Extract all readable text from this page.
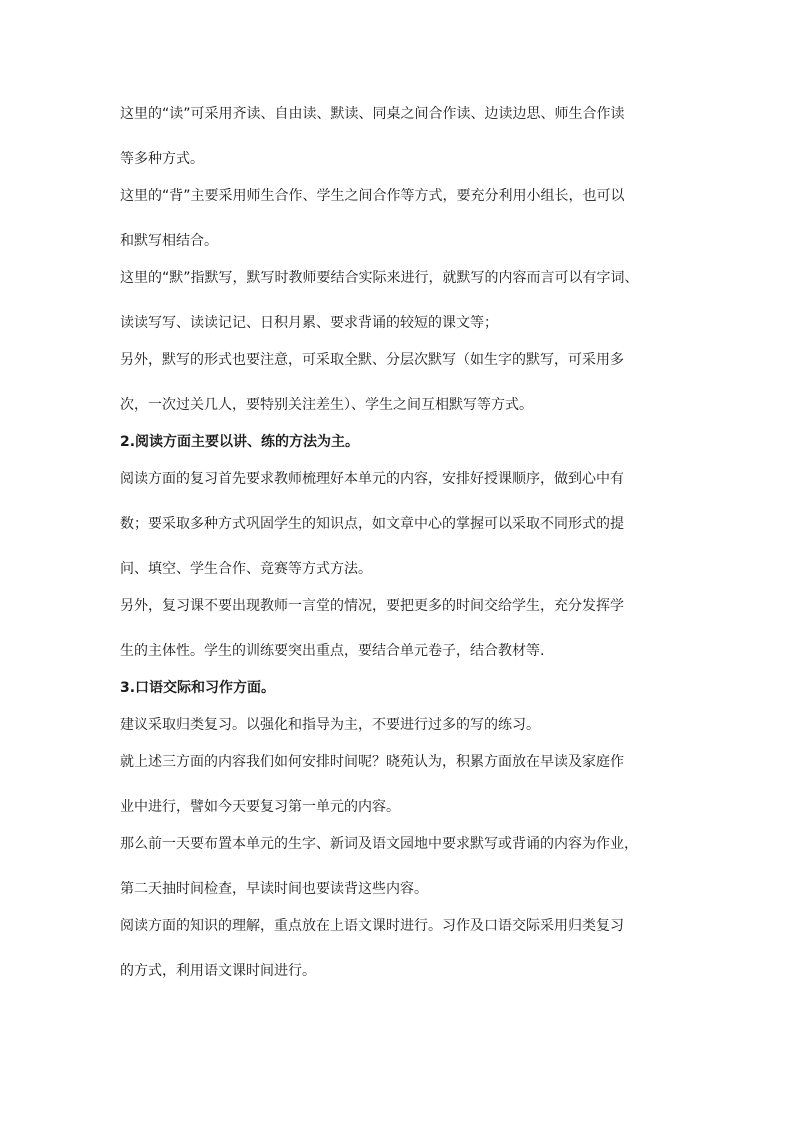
这里的“读”可采用齐读、自由读、默读、同桌之间合作读、边读边思、师生合作读

等多种方式。

这里的“背”主要采用师生合作、学生之间合作等方式，要充分利用小组长，也可以

和默写相结合。

这里的“默”指默写，默写时教师要结合实际来进行，就默写的内容而言可以有字词、

读读写写、读读记记、日积月累、要求背诵的较短的课文等；

另外，默写的形式也要注意，可采取全默、分层次默写（如生字的默写，可采用多

次，一次过关几人，要特别关注差生）、学生之间互相默写等方式。

2.阅读方面主要以讲、练的方法为主。

阅读方面的复习首先要求教师梳理好本单元的内容，安排好授课顺序，做到心中有

数；要采取多种方式巩固学生的知识点，如文章中心的掌握可以采取不同形式的提

问、填空、学生合作、竞赛等方式方法。

另外，复习课不要出现教师一言堂的情况，要把更多的时间交给学生，充分发挥学

生的主体性。学生的训练要突出重点，要结合单元卷子，结合教材等.

3.口语交际和习作方面。

建议采取归类复习。以强化和指导为主，不要进行过多的写的练习。

就上述三方面的内容我们如何安排时间呢？晓苑认为，积累方面放在早读及家庭作

业中进行，譬如今天要复习第一单元的内容。

那么前一天要布置本单元的生字、新词及语文园地中要求默写或背诵的内容为作业，

第二天抽时间检查，早读时间也要读背这些内容。

阅读方面的知识的理解，重点放在上语文课时进行。习作及口语交际采用归类复习

的方式，利用语文课时间进行。
